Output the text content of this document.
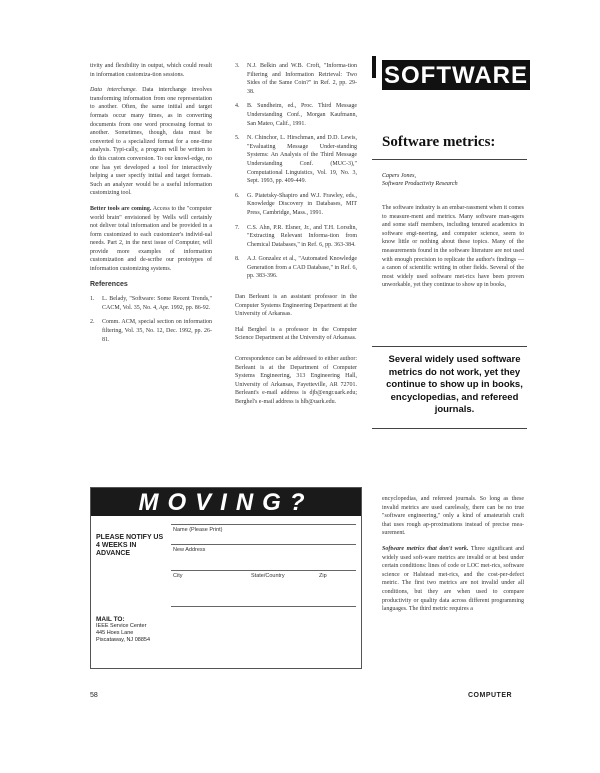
tivity and flexibility in output, which could result in information customiza-tion sessions.

Data interchange. Data interchange involves transforming information from one representation to another. Often, the same initial and target formats occur many times, as in converting documents from one word processing format to another. Sometimes, though, data must be converted to a specialized format for a one-time analysis. Typi-cally, a program will be written to do this custom conversion. To our knowl-edge, no one has yet developed a tool for interactively helping a user specify initial and target formats. Such an analyzer would be a useful information customizing tool.

Better tools are coming. Access to the "computer world brain" envisioned by Wells will certainly not deliver total information and be provided in a form customized to each customizer's individ-ual needs. Part 2, in the next issue of Computer, will provide more examples of information customization and de-scribe our prototypes of information customizing systems.

References
1.	L. Belady, "Software: Some Recent Trends," CACM, Vol. 35, No. 4, Apr. 1992, pp. 86-92.
2.	Comm. ACM, special section on information filtering, Vol. 35, No. 12, Dec. 1992, pp. 26-81.
3.	N.J. Belkin and W.B. Croft, "Informa-tion Filtering and Information Retrieval: Two Sides of the Same Coin?" in Ref. 2, pp. 29-38.
4.	B. Sundheim, ed., Proc. Third Message Understanding Conf., Morgan Kaufmann, San Mateo, Calif., 1991.
5.	N. Chinchor, L. Hirschman, and D.D. Lewis, "Evaluating Message Under-standing Systems: An Analysis of the Third Message Understanding Conf. (MUC-3)," Computational Linguistics, Vol. 19, No. 3, Sept. 1993, pp. 409-449.
6.	G. Piatetsky-Shapiro and W.J. Frawley, eds., Knowledge Discovery in Databases, MIT Press, Cambridge, Mass., 1991.
7.	C.S. Ahn, P.R. Elsner, Jr., and T.H. Lorsdin, "Extracting Relevant Informa-tion from Chemical Databases," in Ref. 6, pp. 363-384.
8.	A.J. Gonzalez et al., "Automated Knowledge Generation from a CAD Database," in Ref. 6, pp. 383-396.

Dan Berleant is an assistant professor in the Computer Systems Engineering Department at the University of Arkansas.

Hal Berghel is a professor in the Computer Science Department at the University of Arkansas.

Correspondence can be addressed to either author: Berleant is at the Department of Computer Systems Engineering, 313 Engineering Hall, University of Arkansas, Fayetteville, AR 72701. Berleant's e-mail address is djb@engr.uark.edu; Berghel's e-mail address is hlb@uark.edu.

SOFTWARE
Software metrics:
Capers Jones,
Software Productivity Research

The software industry is an embar-rassment when it comes to measure-ment and metrics. Many software man-agers and some staff members, including tenured academics in software engi-neering, and computer science, seem to know little or nothing about these topics. Many of the measurements found in the software literature are not used with enough precision to replicate the author's findings — a canon of scientific writing in other fields. Several of the most widely used software met-rics have been proven unworkable, yet they continue to show up in books,

Several widely used software metrics do not work, yet they continue to show up in books, encyclopedias, and refereed journals.

encyclopedias, and refereed journals. So long as these invalid metrics are used carelessly, there can be no true "software engineering," only a kind of amateurish craft that uses rough ap-proximations instead of precise mea-surement.

Software metrics that don't work. Three significant and widely used soft-ware metrics are invalid or at best under certain conditions: lines of code or LOC met-rics, software science or Halstead met-rics, and the cost-per-defect metric. The first two metrics are not invalid under all conditions, but they are when used to compare productivity or quality data across different programming languages. The third metric requires a

MOVING?
PLEASE NOTIFY US 4 WEEKS IN ADVANCE
Name (Please Print)
New Address
City	State/Country	Zip
MAIL TO:
IEEE Service Center
445 Hoes Lane
Piscataway, NJ 08854
58	COMPUTER
